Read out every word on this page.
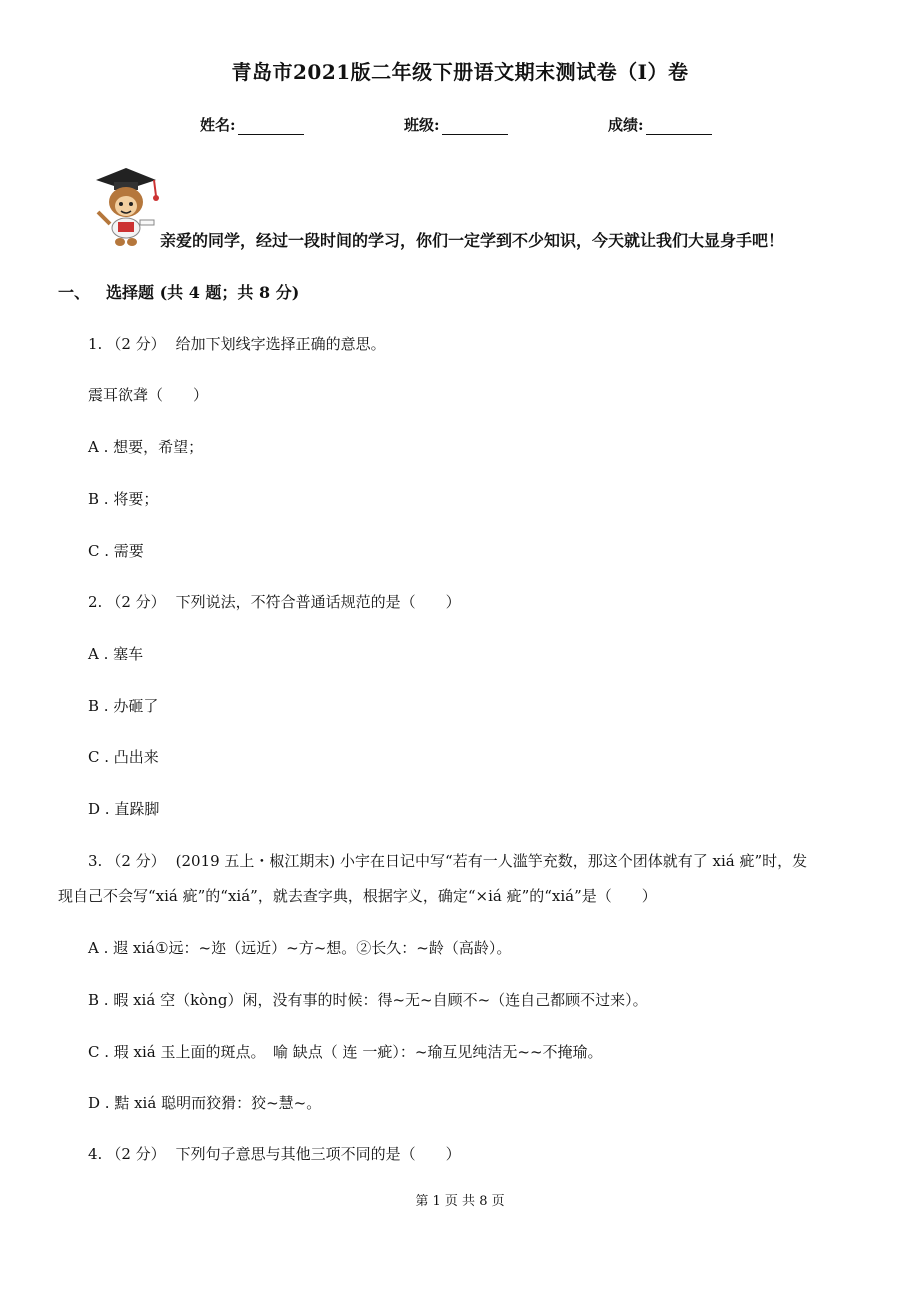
青岛市2021版二年级下册语文期末测试卷（I）卷
姓名:	班级:	成绩:
亲爱的同学，经过一段时间的学习，你们一定学到不少知识，今天就让我们大显身手吧！
一、 选择题 (共 4 题；共 8 分)
1. （2 分） 给加下划线字选择正确的意思。
震耳欲聋（　　）
A . 想要，希望；
B . 将要；
C . 需要
2. （2 分） 下列说法，不符合普通话规范的是（　　）
A . 塞车
B . 办砸了
C . 凸出来
D . 直跺脚
3. （2 分） (2019 五上・椒江期末) 小宇在日记中写“若有一人滥竽充数，那这个团体就有了 xiá 疵”时，发
现自己不会写“xiá 疵”的“xiá”，就去查字典，根据字义，确定“×iá 疵”的“xiá”是（　　）
A . 遐 xiá①远：~迩（远近）~方~想。②长久：~龄（高龄）。
B . 暇 xiá 空（kòng）闲，没有事的时候：得~无~自顾不~（连自己都顾不过来）。
C . 瑕 xiá 玉上面的斑点。　喻 缺点（ 连 一疵）：~瑜互见纯洁无~~不掩瑜。
D . 黠 xiá 聪明而狡猾：狡~慧~。
4. （2 分） 下列句子意思与其他三项不同的是（　　）
第 1 页 共 8 页
